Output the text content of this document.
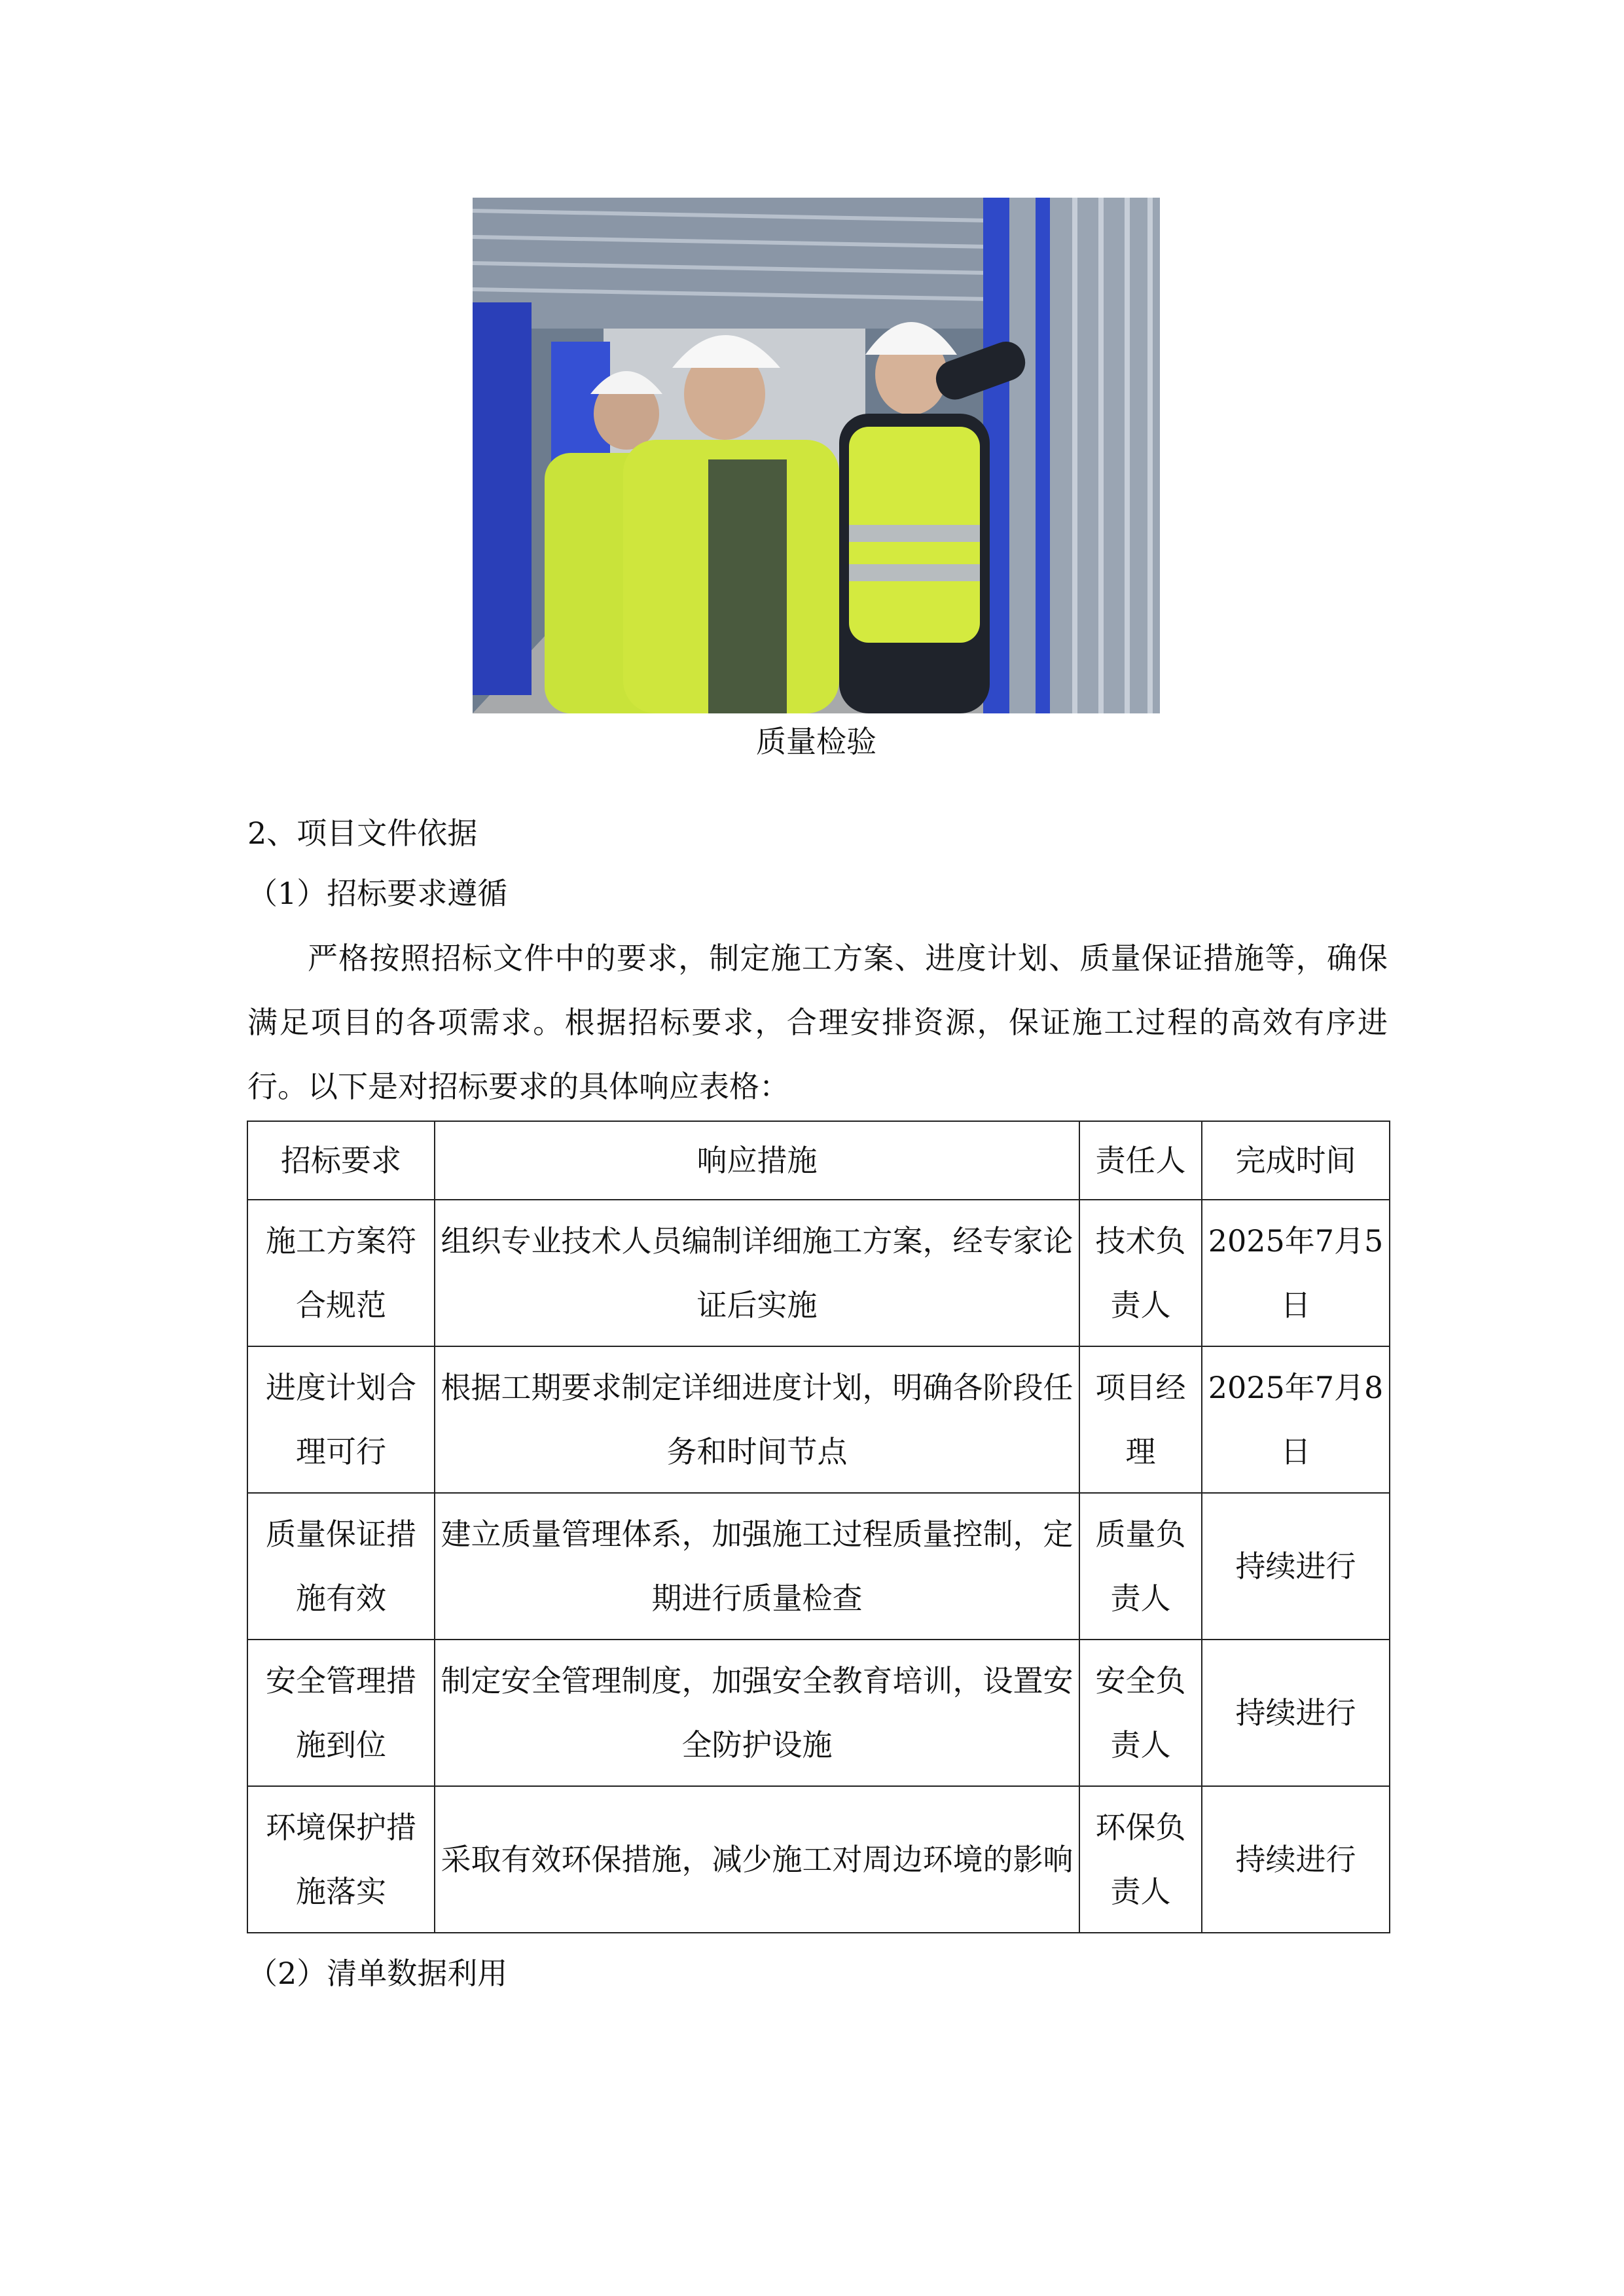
质量检验
2、项目文件依据
（1）招标要求遵循
严格按照招标文件中的要求，制定施工方案、进度计划、质量保证措施等，确保满足项目的各项需求。根据招标要求，合理安排资源，保证施工过程的高效有序进行。以下是对招标要求的具体响应表格：
招标要求	响应措施	责任人	完成时间
施工方案符合规范	组织专业技术人员编制详细施工方案，经专家论证后实施	技术负责人	2025年7月5日
进度计划合理可行	根据工期要求制定详细进度计划，明确各阶段任务和时间节点	项目经理	2025年7月8日
质量保证措施有效	建立质量管理体系，加强施工过程质量控制，定期进行质量检查	质量负责人	持续进行
安全管理措施到位	制定安全管理制度，加强安全教育培训，设置安全防护设施	安全负责人	持续进行
环境保护措施落实	采取有效环保措施，减少施工对周边环境的影响	环保负责人	持续进行
（2）清单数据利用
